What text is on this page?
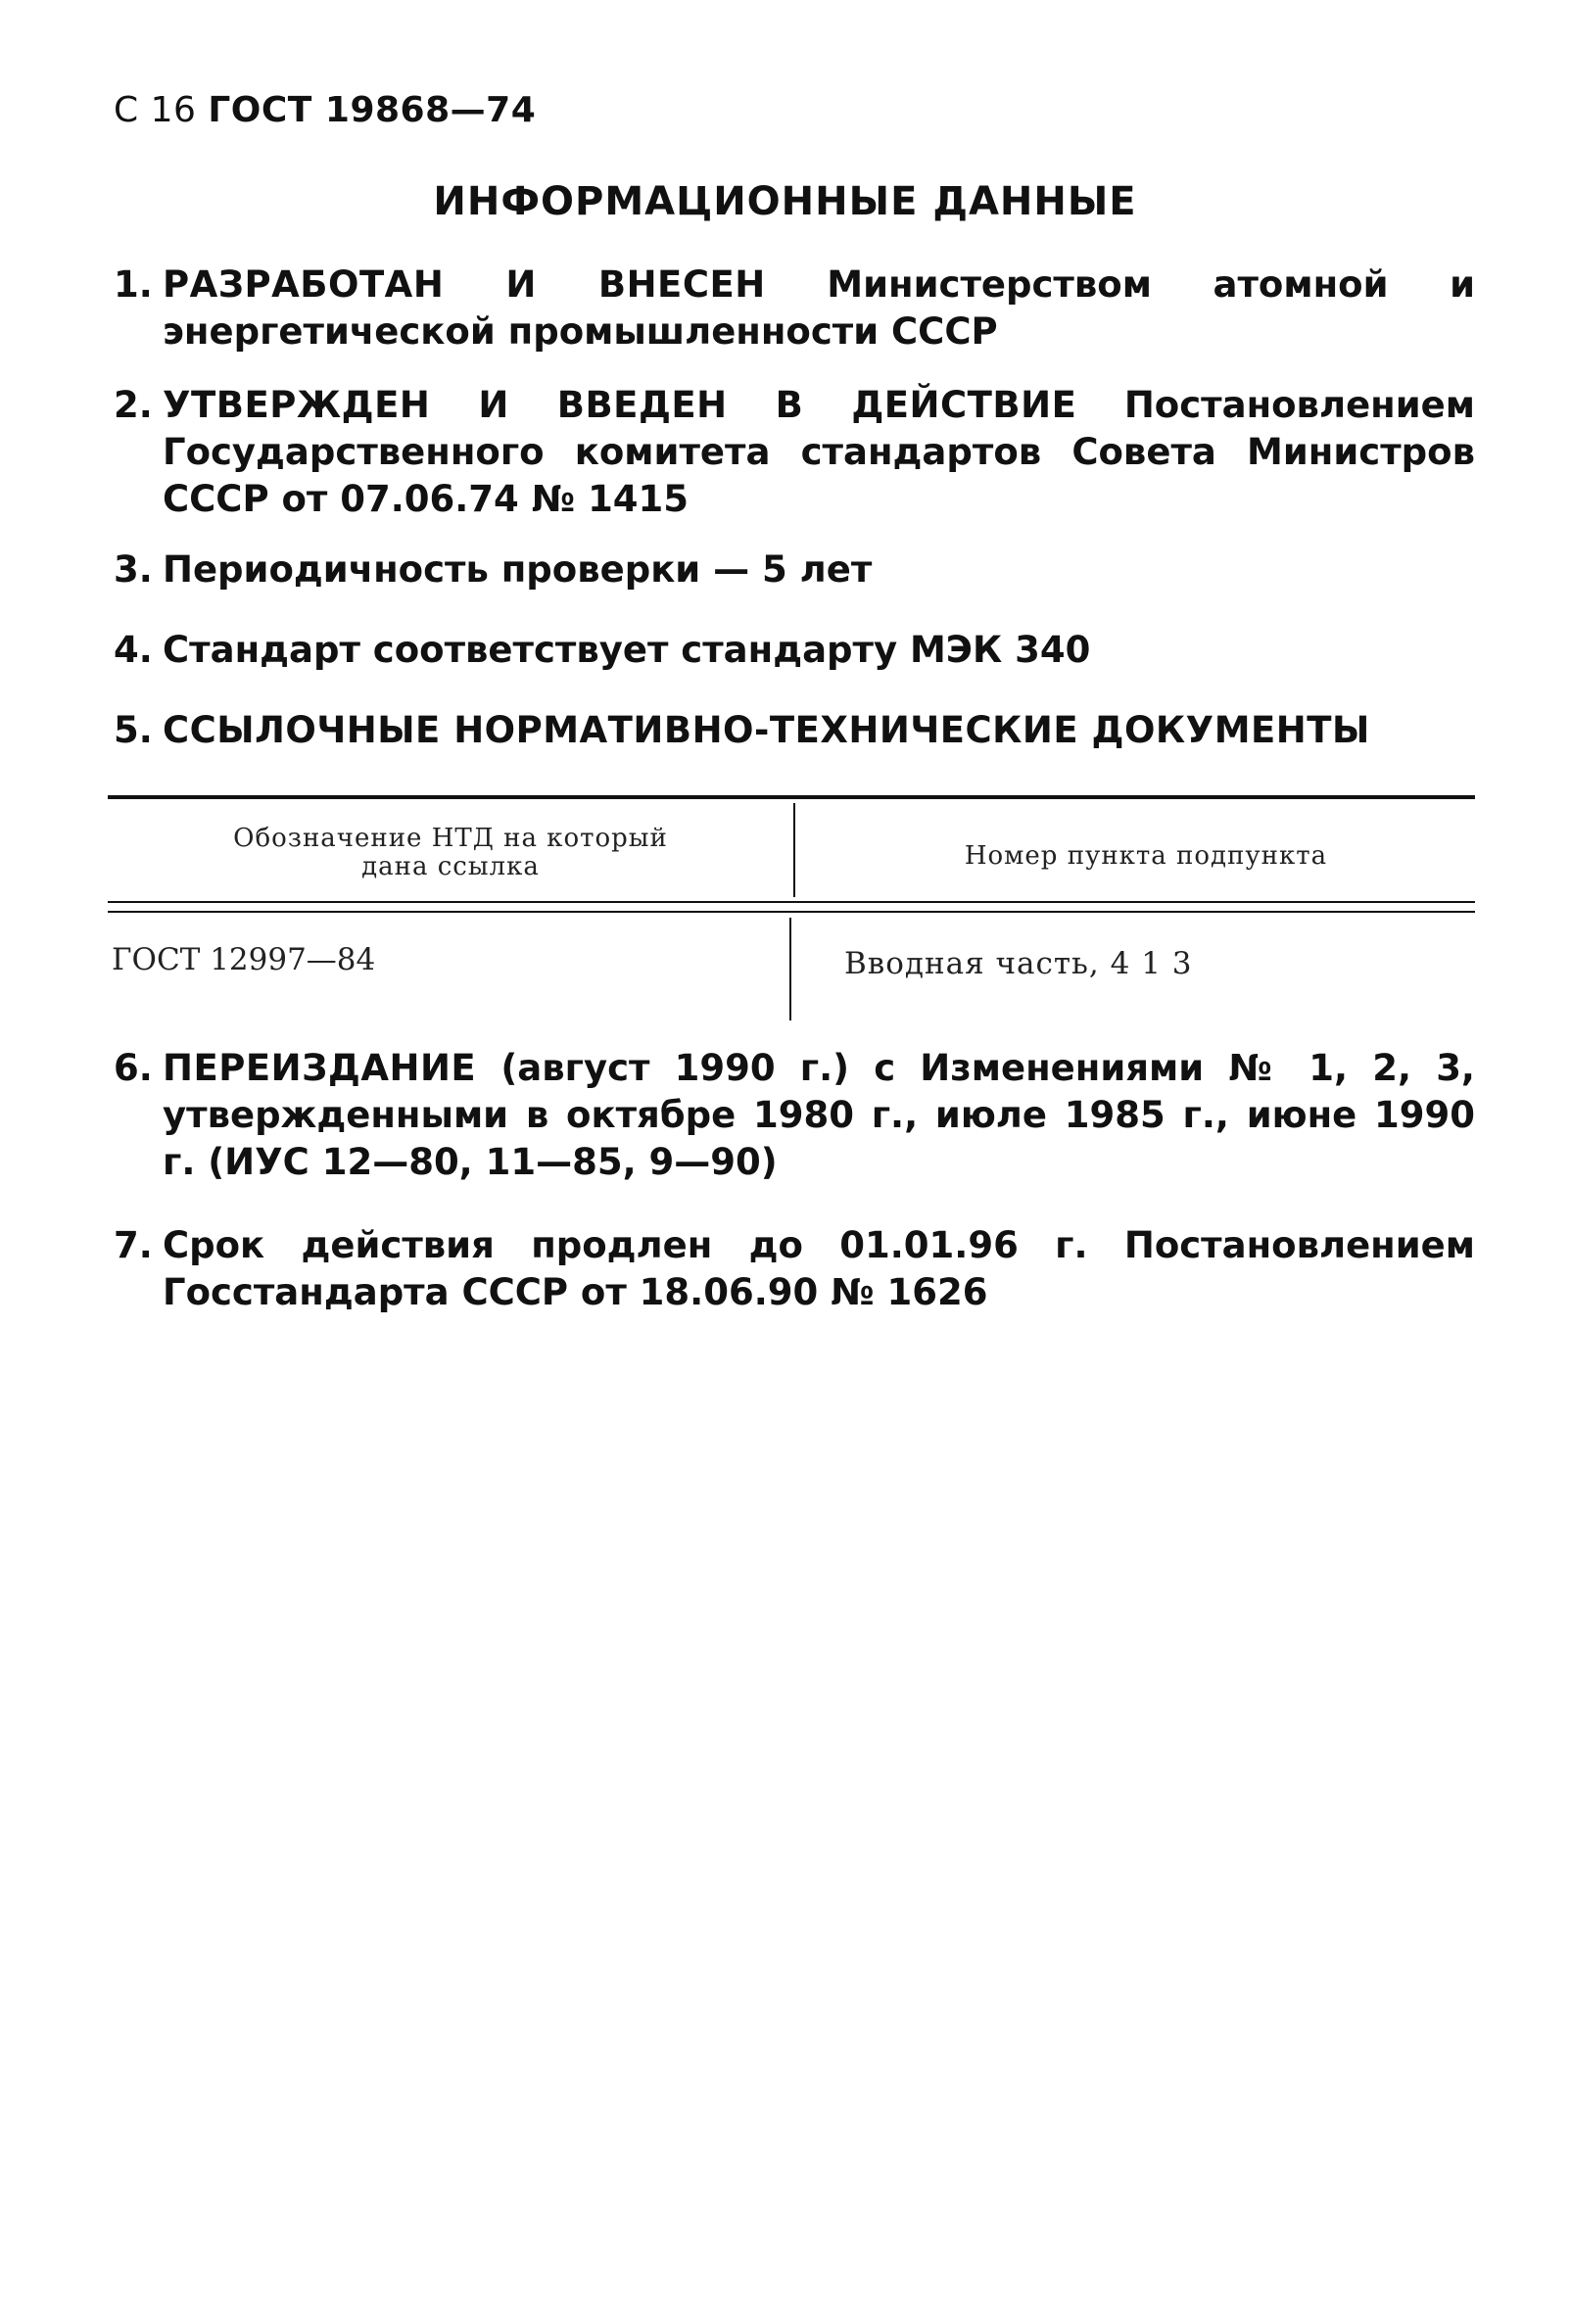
С 16 ГОСТ 19868—74
ИНФОРМАЦИОННЫЕ ДАННЫЕ
1. РАЗРАБОТАН И ВНЕСЕН Министерством атомной и энергетической промышленности СССР
2. УТВЕРЖДЕН И ВВЕДЕН В ДЕЙСТВИЕ Постановлением Государственного комитета стандартов Совета Министров СССР от 07.06.74 № 1415
3. Периодичность проверки — 5 лет
4. Стандарт соответствует стандарту МЭК 340
5. ССЫЛОЧНЫЕ НОРМАТИВНО-ТЕХНИЧЕСКИЕ ДОКУМЕНТЫ
Обозначение НТД на который дана ссылка	Номер пункта подпункта
ГОСТ 12997—84	Вводная часть, 4 1 3
6. ПЕРЕИЗДАНИЕ (август 1990 г.) с Изменениями № 1, 2, 3, утвержденными в октябре 1980 г., июле 1985 г., июне 1990 г. (ИУС 12—80, 11—85, 9—90)
7. Срок действия продлен до 01.01.96 г. Постановлением Госстандарта СССР от 18.06.90 № 1626
